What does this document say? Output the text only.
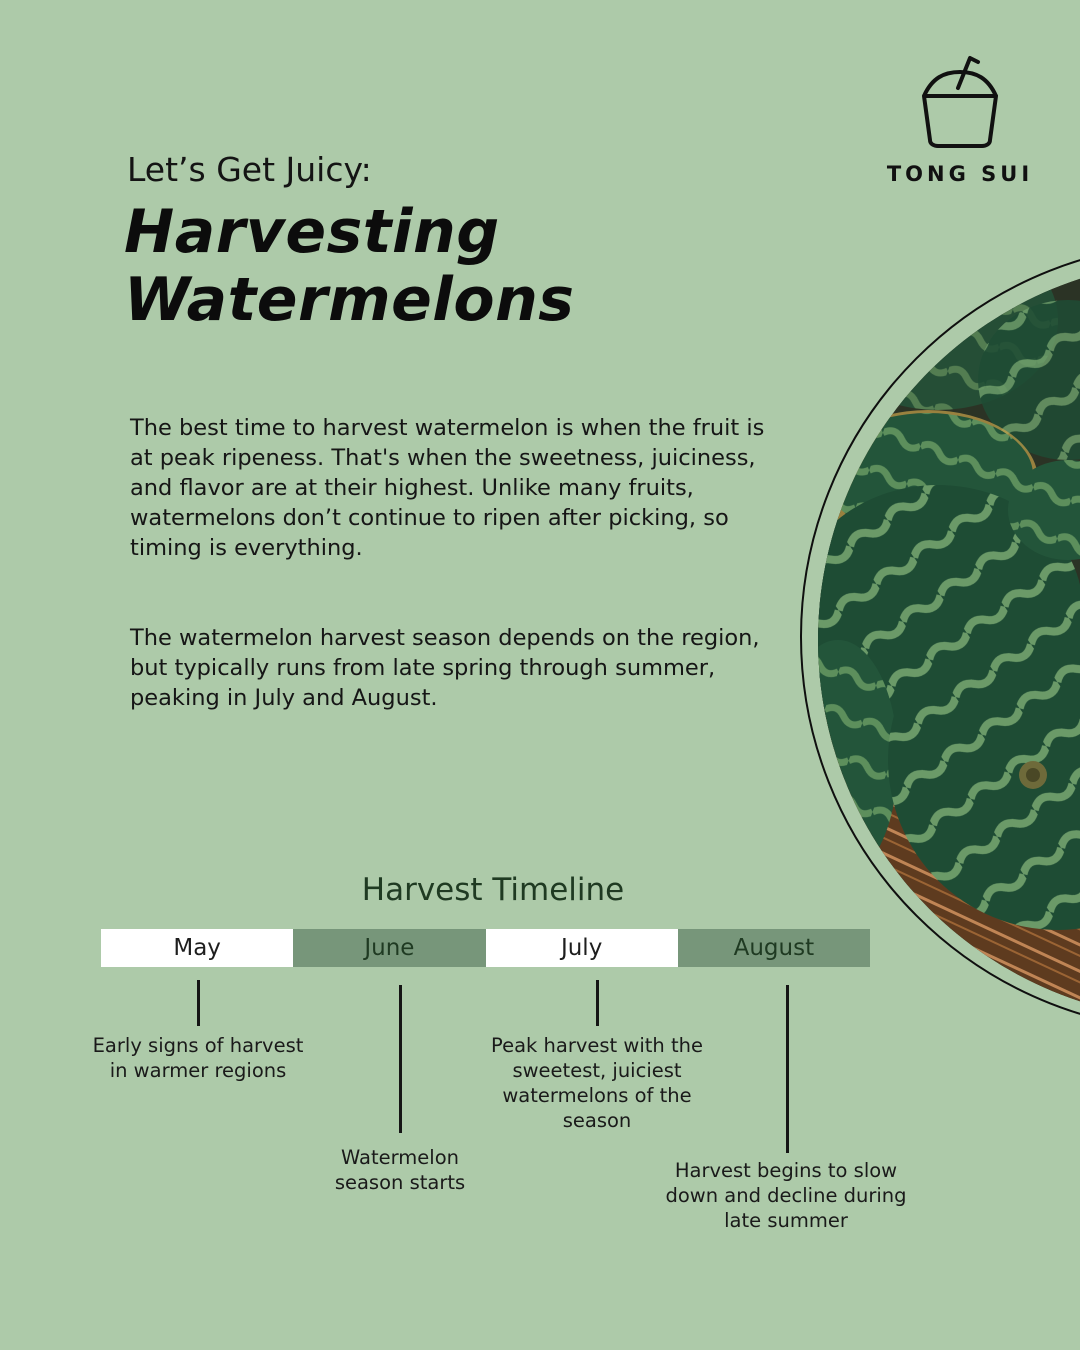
TONG SUI
Let’s Get Juicy:
Harvesting
Watermelons
The best time to harvest watermelon is when the fruit is at peak ripeness. That's when the sweetness, juiciness, and flavor are at their highest. Unlike many fruits, watermelons don’t continue to ripen after picking, so timing is everything.
The watermelon harvest season depends on the region, but typically runs from late spring through summer, peaking in July and August.
Harvest Timeline
May	June	July	August
Early signs of harvest in warmer regions
Watermelon season starts
Peak harvest with the sweetest, juiciest watermelons of the season
Harvest begins to slow down and decline during late summer
